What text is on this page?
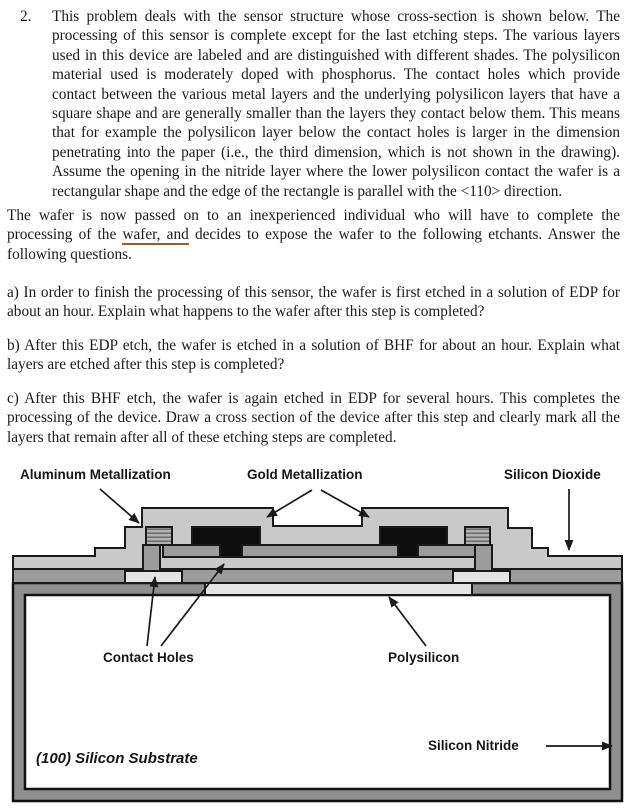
2.	This problem deals with the sensor structure whose cross-section is shown below. The processing of this sensor is complete except for the last etching steps. The various layers used in this device are labeled and are distinguished with different shades. The polysilicon material used is moderately doped with phosphorus. The contact holes which provide contact between the various metal layers and the underlying polysilicon layers that have a square shape and are generally smaller than the layers they contact below them. This means that for example the polysilicon layer below the contact holes is larger in the dimension penetrating into the paper (i.e., the third dimension, which is not shown in the drawing). Assume the opening in the nitride layer where the lower polysilicon contact the wafer is a rectangular shape and the edge of the rectangle is parallel with the <110> direction.
The wafer is now passed on to an inexperienced individual who will have to complete the processing of the wafer, and decides to expose the wafer to the following etchants. Answer the following questions.
a) In order to finish the processing of this sensor, the wafer is first etched in a solution of EDP for about an hour. Explain what happens to the wafer after this step is completed?
b) After this EDP etch, the wafer is etched in a solution of BHF for about an hour. Explain what layers are etched after this step is completed?
c) After this BHF etch, the wafer is again etched in EDP for several hours. This completes the processing of the device. Draw a cross section of the device after this step and clearly mark all the layers that remain after all of these etching steps are completed.
Aluminum Metallization	Gold Metallization	Silicon Dioxide
Contact Holes	Polysilicon
Silicon Nitride
(100) Silicon Substrate
